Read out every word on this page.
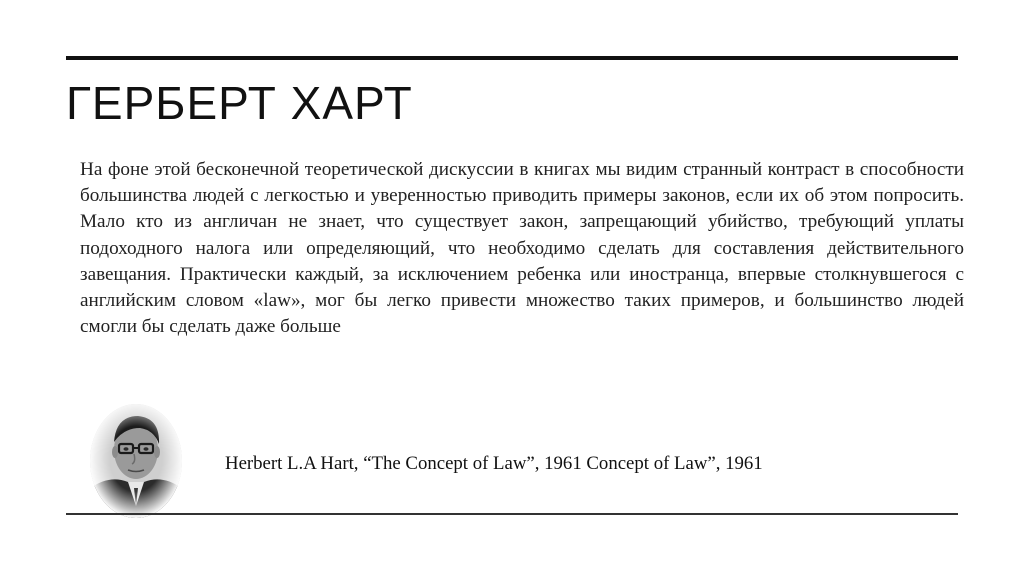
ГЕРБЕРТ ХАРТ

На фоне этой бесконечной теоретической дискуссии в книгах мы видим странный контраст в способности большинства людей с легкостью и уверенностью приводить примеры законов, если их об этом попросить. Мало кто из англичан не знает, что существует закон, запрещающий убийство, требующий уплаты подоходного налога или определяющий, что необходимо сделать для составления действительного завещания. Практически каждый, за исключением ребенка или иностранца, впервые столкнувшегося с английским словом «law», мог бы легко привести множество таких примеров, и большинство людей смогли бы сделать даже больше

Herbert L.A Hart, “The Concept of Law”, 1961 Concept of Law”, 1961
